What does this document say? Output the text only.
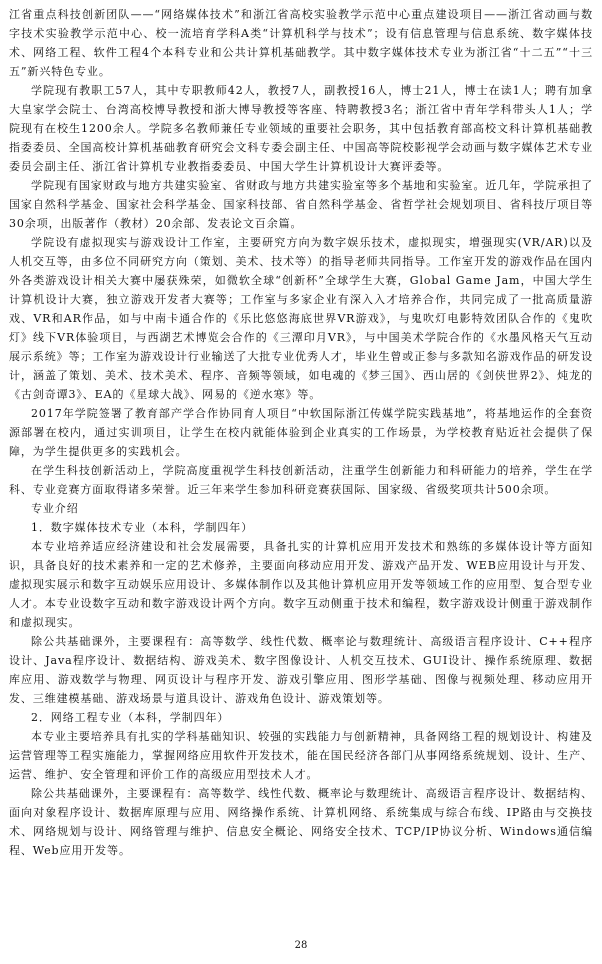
江省重点科技创新团队——“网络媒体技术”和浙江省高校实验教学示范中心重点建设项目——浙江省动画与数字技术实验教学示范中心、校一流培育学科A类“计算机科学与技术”；设有信息管理与信息系统、数字媒体技术、网络工程、软件工程4个本科专业和公共计算机基础教学。其中数字媒体技术专业为浙江省“十二五”“十三五”新兴特色专业。

学院现有教职工57人，其中专职教师42人，教授7人，副教授16人，博士21人，博士在读1人；聘有加拿大皇家学会院士、台湾高校博导教授和浙大博导教授等客座、特聘教授3名；浙江省中青年学科带头人1人；学院现有在校生1200余人。学院多名教师兼任专业领域的重要社会职务，其中包括教育部高校文科计算机基础教指委委员、全国高校计算机基础教育研究会文科专委会副主任、中国高等院校影视学会动画与数字媒体艺术专业委员会副主任、浙江省计算机专业教指委委员、中国大学生计算机设计大赛评委等。

学院现有国家财政与地方共建实验室、省财政与地方共建实验室等多个基地和实验室。近几年，学院承担了国家自然科学基金、国家社会科学基金、国家科技部、省自然科学基金、省哲学社会规划项目、省科技厅项目等30余项，出版著作（教材）20余部、发表论文百余篇。

学院设有虚拟现实与游戏设计工作室，主要研究方向为数字娱乐技术，虚拟现实，增强现实(VR/AR)以及人机交互等，由多位不同研究方向（策划、美术、技术等）的指导老师共同指导。工作室开发的游戏作品在国内外各类游戏设计相关大赛中屡获殊荣，如微软全球“创新杯”全球学生大赛，Global Game Jam，中国大学生计算机设计大赛，独立游戏开发者大赛等；工作室与多家企业有深入入才培养合作，共同完成了一批高质量游戏、VR和AR作品，如与中南卡通合作的《乐比悠悠海底世界VR游戏》，与鬼吹灯电影特效团队合作的《鬼吹灯》线下VR体验项目，与西湖艺术博览会合作的《三潭印月VR》，与中国美术学院合作的《水墨风格天气互动展示系统》等；工作室为游戏设计行业输送了大批专业优秀人才，毕业生曾或正参与多款知名游戏作品的研发设计，涵盖了策划、美术、技术美术、程序、音频等领域，如电魂的《梦三国》、西山居的《剑侠世界2》、炖龙的《古剑奇谭3》、EA的《星球大战》、网易的《逆水寒》等。

2017年学院签署了教育部产学合作协同育人项目“中软国际浙江传媒学院实践基地”，将基地运作的全套资源部署在校内，通过实训项目，让学生在校内就能体验到企业真实的工作场景，为学校教育贴近社会提供了保障，为学生提供更多的实践机会。

在学生科技创新活动上，学院高度重视学生科技创新活动，注重学生创新能力和科研能力的培养，学生在学科、专业竞赛方面取得诸多荣誉。近三年来学生参加科研竞赛获国际、国家级、省级奖项共计500余项。

专业介绍

1．数字媒体技术专业（本科，学制四年）

本专业培养适应经济建设和社会发展需要，具备扎实的计算机应用开发技术和熟练的多媒体设计等方面知识，具备良好的技术素养和一定的艺术修养，主要面向移动应用开发、游戏产品开发、WEB应用设计与开发、虚拟现实展示和数字互动娱乐应用设计、多媒体制作以及其他计算机应用开发等领域工作的应用型、复合型专业人才。本专业设数字互动和数字游戏设计两个方向。数字互动侧重于技术和编程，数字游戏设计侧重于游戏制作和虚拟现实。

除公共基础课外，主要课程有：高等数学、线性代数、概率论与数理统计、高级语言程序设计、C++程序设计、Java程序设计、数据结构、游戏美术、数字图像设计、人机交互技术、GUI设计、操作系统原理、数据库应用、游戏数学与物理、网页设计与程序开发、游戏引擎应用、图形学基础、图像与视频处理、移动应用开发、三维建模基础、游戏场景与道具设计、游戏角色设计、游戏策划等。

2．网络工程专业（本科，学制四年）

本专业主要培养具有扎实的学科基础知识、较强的实践能力与创新精神，具备网络工程的规划设计、构建及运营管理等工程实施能力，掌握网络应用软件开发技术，能在国民经济各部门从事网络系统规划、设计、生产、运营、维护、安全管理和评价工作的高级应用型技术人才。

除公共基础课外，主要课程有：高等数学、线性代数、概率论与数理统计、高级语言程序设计、数据结构、面向对象程序设计、数据库原理与应用、网络操作系统、计算机网络、系统集成与综合布线、IP路由与交换技术、网络规划与设计、网络管理与维护、信息安全概论、网络安全技术、TCP/IP协议分析、Windows通信编程、Web应用开发等。

28
